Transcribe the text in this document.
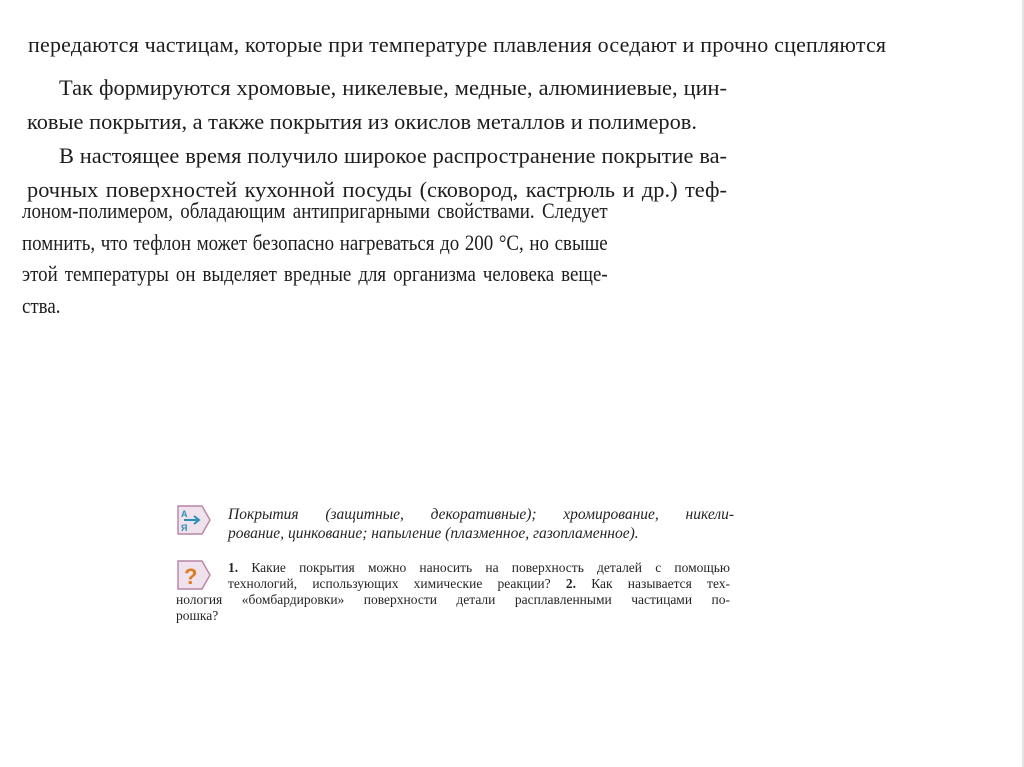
передаются частицам, которые при температуре плавления оседают и прочно сцепляются

Так формируются хромовые, никелевые, медные, алюминиевые, цин-

ковые покрытия, а также покрытия из окислов металлов и полимеров.

В настоящее время получило широкое распространение покрытие ва-

рочных поверхностей кухонной посуды (сковород, кастрюль и др.) теф-

лоном-полимером, обладающим антипригарными свойствами. Следует
помнить, что тефлон может безопасно нагреваться до 200 °С, но свыше
этой температуры он выделяет вредные для организма человека веще-
ства.
А
Я
Покрытия (защитные, декоративные); хромирование, никели-
рование, цинкование; напыление (плазменное, газопламенное).
?	1. Какие покрытия можно наносить на поверхность деталей с помощью
технологий, использующих химические реакции? 2. Как называется тех-
нология «бомбардировки» поверхности детали расплавленными частицами по-
рошка?
